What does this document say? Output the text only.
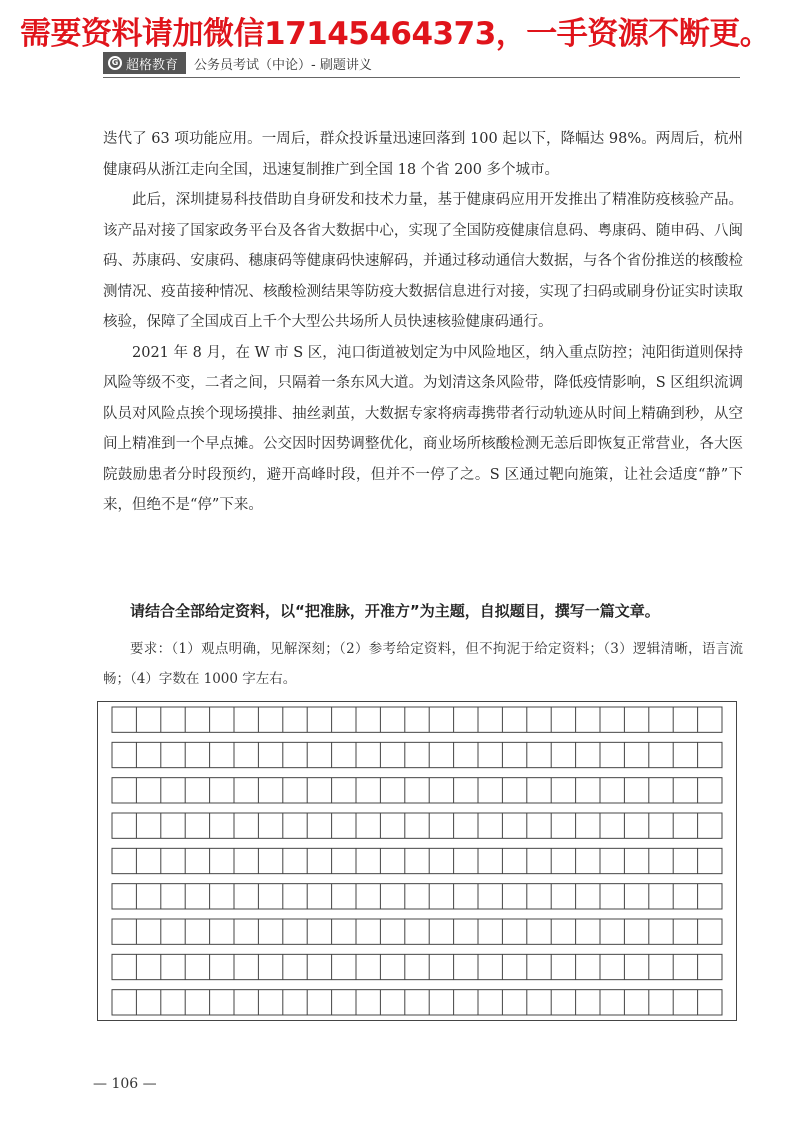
需要资料请加微信17145464373，一手资源不断更。
G 超格教育 公务员考试（中论）- 刷题讲义

迭代了 63 项功能应用。一周后，群众投诉量迅速回落到 100 起以下，降幅达 98%。两周后，杭州健康码从浙江走向全国，迅速复制推广到全国 18 个省 200 多个城市。

此后，深圳捷易科技借助自身研发和技术力量，基于健康码应用开发推出了精准防疫核验产品。该产品对接了国家政务平台及各省大数据中心，实现了全国防疫健康信息码、粤康码、随申码、八闽码、苏康码、安康码、穗康码等健康码快速解码，并通过移动通信大数据，与各个省份推送的核酸检测情况、疫苗接种情况、核酸检测结果等防疫大数据信息进行对接，实现了扫码或刷身份证实时读取核验，保障了全国成百上千个大型公共场所人员快速核验健康码通行。

2021 年 8 月，在 W 市 S 区，沌口街道被划定为中风险地区，纳入重点防控；沌阳街道则保持风险等级不变，二者之间，只隔着一条东风大道。为划清这条风险带，降低疫情影响，S 区组织流调队员对风险点挨个现场摸排、抽丝剥茧，大数据专家将病毒携带者行动轨迹从时间上精确到秒，从空间上精准到一个早点摊。公交因时因势调整优化，商业场所核酸检测无恙后即恢复正常营业，各大医院鼓励患者分时段预约，避开高峰时段，但并不一停了之。S 区通过靶向施策，让社会适度“静”下来，但绝不是“停”下来。

请结合全部给定资料，以“把准脉，开准方”为主题，自拟题目，撰写一篇文章。
要求：（1）观点明确，见解深刻；（2）参考给定资料，但不拘泥于给定资料；（3）逻辑清晰，语言流畅；（4）字数在 1000 字左右。
— 106 —
